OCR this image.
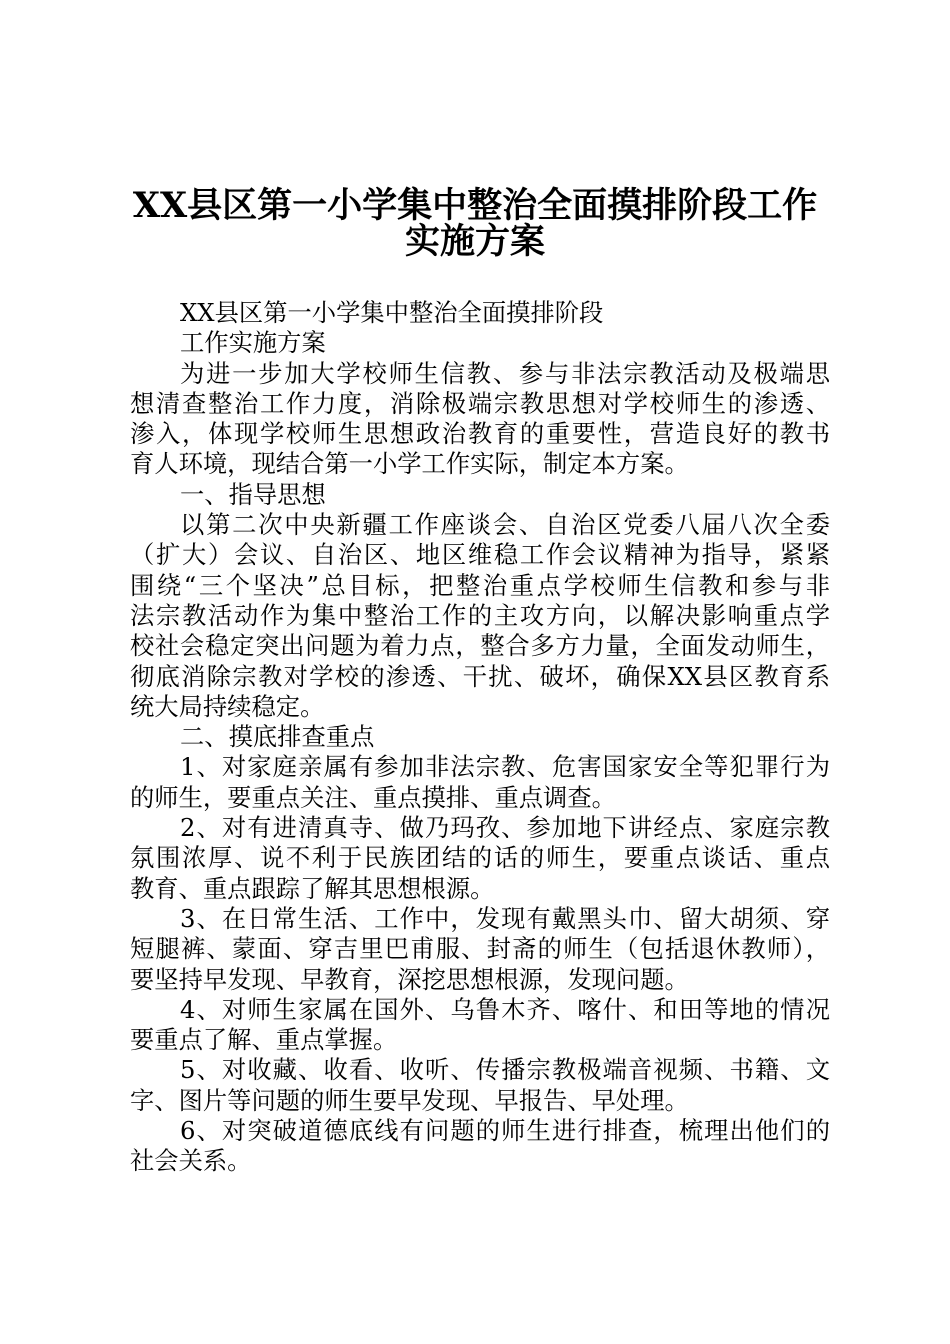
XX县区第一小学集中整治全面摸排阶段工作
实施方案
XX县区第一小学集中整治全面摸排阶段
工作实施方案
为进一步加大学校师生信教、参与非法宗教活动及极端思
想清查整治工作力度，消除极端宗教思想对学校师生的渗透、
渗入，体现学校师生思想政治教育的重要性，营造良好的教书
育人环境，现结合第一小学工作实际，制定本方案。
一、指导思想
以第二次中央新疆工作座谈会、自治区党委八届八次全委
（扩大）会议、自治区、地区维稳工作会议精神为指导，紧紧
围绕“三个坚决”总目标，把整治重点学校师生信教和参与非
法宗教活动作为集中整治工作的主攻方向，以解决影响重点学
校社会稳定突出问题为着力点，整合多方力量，全面发动师生，
彻底消除宗教对学校的渗透、干扰、破坏，确保XX县区教育系
统大局持续稳定。
二、摸底排查重点
1、对家庭亲属有参加非法宗教、危害国家安全等犯罪行为
的师生，要重点关注、重点摸排、重点调查。
2、对有进清真寺、做乃玛孜、参加地下讲经点、家庭宗教
氛围浓厚、说不利于民族团结的话的师生，要重点谈话、重点
教育、重点跟踪了解其思想根源。
3、在日常生活、工作中，发现有戴黑头巾、留大胡须、穿
短腿裤、蒙面、穿吉里巴甫服、封斋的师生（包括退休教师），
要坚持早发现、早教育，深挖思想根源，发现问题。
4、对师生家属在国外、乌鲁木齐、喀什、和田等地的情况
要重点了解、重点掌握。
5、对收藏、收看、收听、传播宗教极端音视频、书籍、文
字、图片等问题的师生要早发现、早报告、早处理。
6、对突破道德底线有问题的师生进行排查，梳理出他们的
社会关系。
